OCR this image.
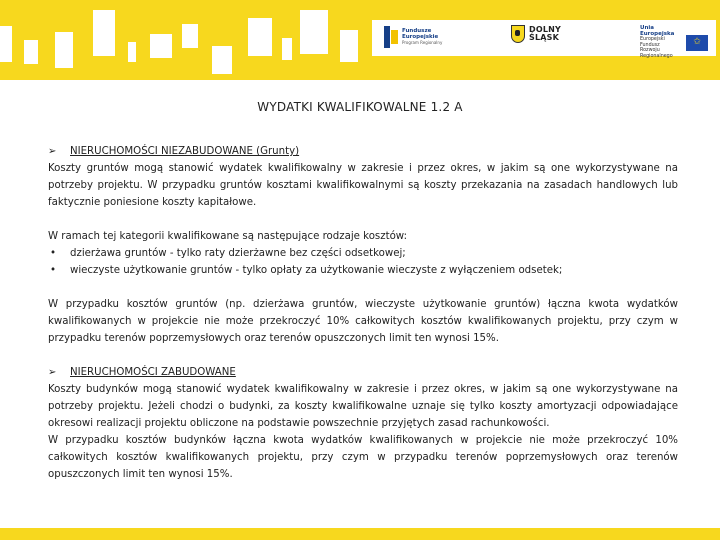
Fundusze
Europejskie
Program Regionalny
DOLNY
ŚLĄSK
Unia Europejska
Europejski Fundusz
Rozwoju Regionalnego
✩
WYDATKI KWALIFIKOWALNE 1.2 A
➢	NIERUCHOMOŚCI NIEZABUDOWANE (Grunty)

Koszty gruntów mogą stanowić wydatek kwalifikowalny w zakresie i przez okres, w jakim są one wykorzystywane na potrzeby projektu. W przypadku gruntów kosztami kwalifikowalnymi są koszty przekazania na zasadach handlowych lub faktycznie poniesione koszty kapitałowe.

W ramach tej kategorii kwalifikowane są następujące rodzaje kosztów:

•	dzierżawa gruntów - tylko raty dzierżawne bez części odsetkowej;
•	wieczyste użytkowanie gruntów - tylko opłaty za użytkowanie wieczyste z wyłączeniem odsetek;

W przypadku kosztów gruntów (np. dzierżawa gruntów, wieczyste użytkowanie gruntów) łączna kwota wydatków kwalifikowanych w projekcie nie może przekroczyć 10% całkowitych kosztów kwalifikowanych projektu, przy czym w przypadku terenów poprzemysłowych oraz terenów opuszczonych limit ten wynosi 15%.

➢	NIERUCHOMOŚCI ZABUDOWANE

Koszty budynków mogą stanowić wydatek kwalifikowalny w zakresie i przez okres, w jakim są one wykorzystywane na potrzeby projektu. Jeżeli chodzi o budynki, za koszty kwalifikowalne uznaje się tylko koszty amortyzacji odpowiadające okresowi realizacji projektu obliczone na podstawie powszechnie przyjętych zasad rachunkowości.

W przypadku kosztów budynków łączna kwota wydatków kwalifikowanych w projekcie nie może przekroczyć 10% całkowitych kosztów kwalifikowanych projektu, przy czym w przypadku terenów poprzemysłowych oraz terenów opuszczonych limit ten wynosi 15%.
